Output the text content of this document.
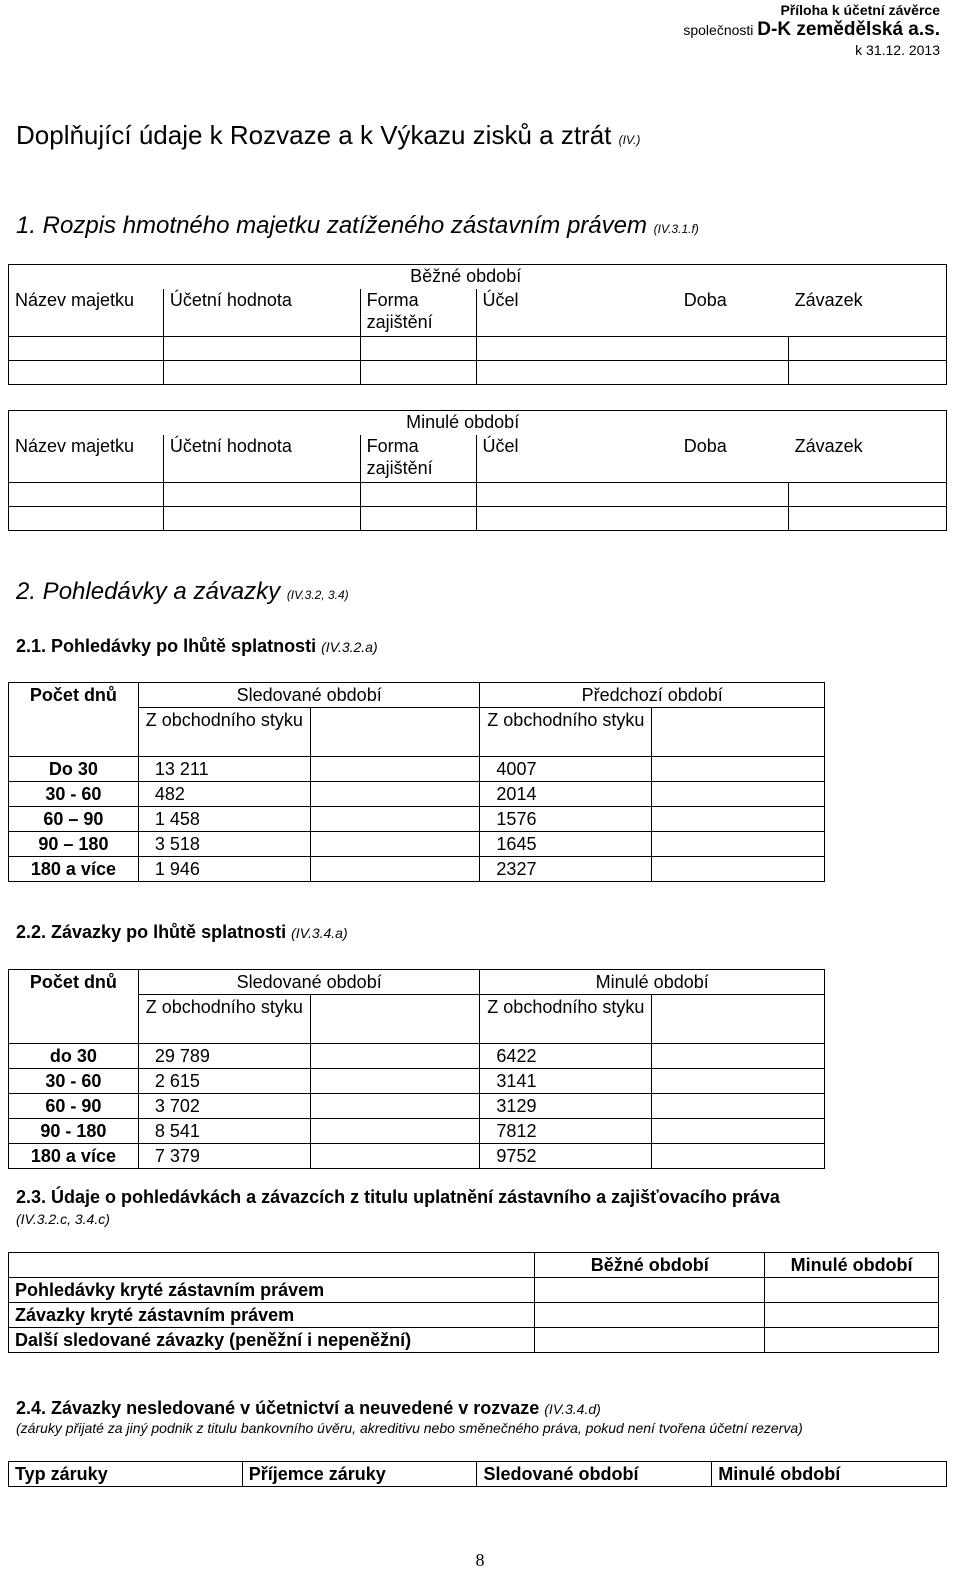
Příloha k účetní závěrce
společnosti D-K zemědělská a.s.
k 31.12. 2013
Doplňující údaje k Rozvaze a k Výkazu zisků a ztrát (IV.)
1. Rozpis hmotného majetku zatíženého zástavním právem (IV.3.1.f)
		Běžné období			
Název majetku	Účetní hodnota	Forma zajištění	Účel	Doba	Závazek

		Minulé období			
Název majetku	Účetní hodnota	Forma zajištění	Účel	Doba	Závazek

2. Pohledávky a závazky (IV.3.2, 3.4)
2.1. Pohledávky po lhůtě splatnosti (IV.3.2.a)
Počet dnů	Sledované období		Předchozí období	
	Z obchodního styku		Z obchodního styku	

Do 30	13 211		4007	
30 - 60	482		2014	
60 – 90	1 458		1576	
90 – 180	3 518		1645	
180 a více	1 946		2327	
2.2. Závazky po lhůtě splatnosti (IV.3.4.a)
Počet dnů	Sledované období		Minulé období	
	Z obchodního styku		Z obchodního styku	

do 30	29 789		6422	
30 - 60	2 615		3141	
60 - 90	3 702		3129	
90 - 180	8 541		7812	
180 a více	7 379		9752	
2.3. Údaje o pohledávkách a závazcích z titulu uplatnění zástavního a zajišťovacího práva
(IV.3.2.c, 3.4.c)
	Běžné období	Minulé období
Pohledávky kryté zástavním právem		
Závazky kryté zástavním právem		
Další sledované závazky (peněžní i nepeněžní)		
2.4. Závazky nesledované v účetnictví a neuvedené v rozvaze (IV.3.4.d)
(záruky přijaté za jiný podnik z titulu bankovního úvěru, akreditivu nebo směnečného práva, pokud není tvořena účetní rezerva)
Typ záruky	Příjemce záruky	Sledované období	Minulé období
8
